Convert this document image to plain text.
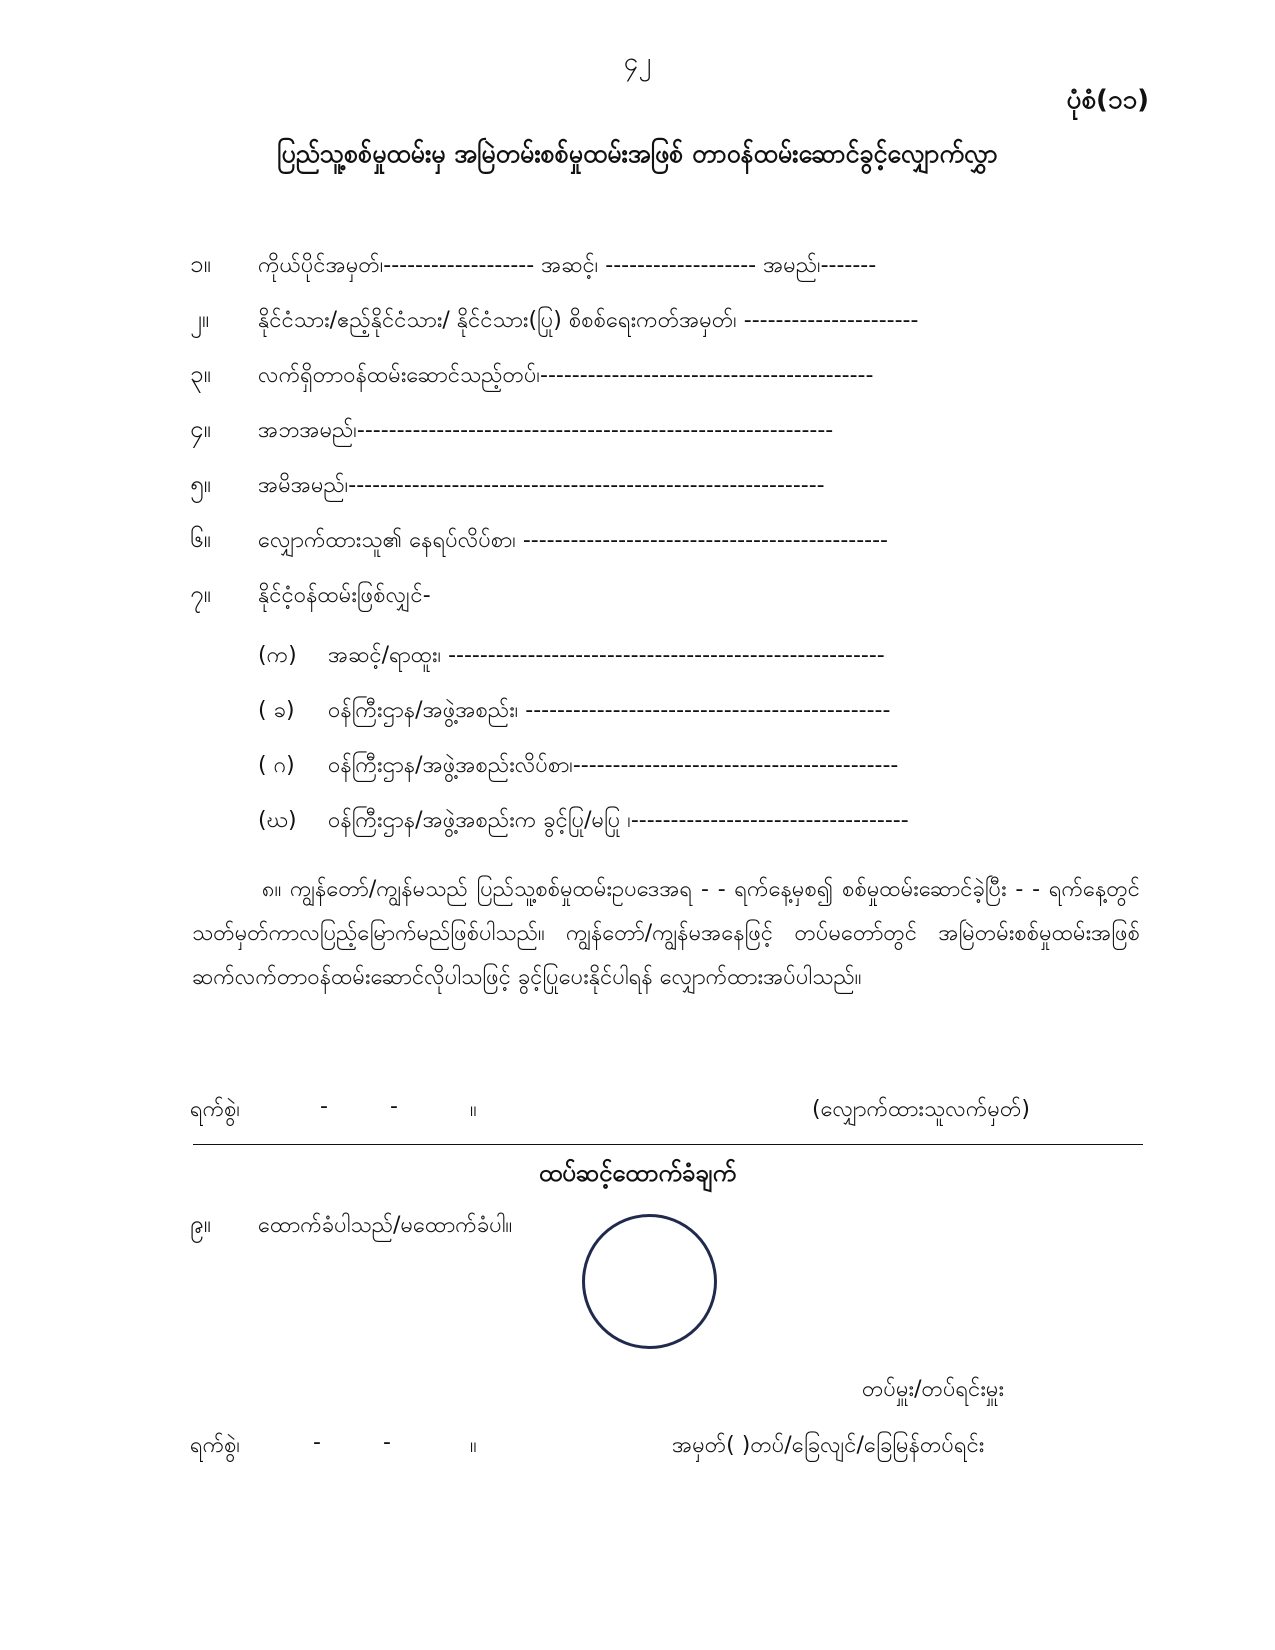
၄၂
ပုံစံ(၁၁)
ပြည်သူ့စစ်မှုထမ်းမှ အမြဲတမ်းစစ်မှုထမ်းအဖြစ် တာဝန်ထမ်းဆောင်ခွင့်လျှောက်လွှာ
၁။ ကိုယ်ပိုင်အမှတ်၊------------------- အဆင့်၊ ------------------- အမည်၊-------
၂။ နိုင်ငံသား/ဧည့်နိုင်ငံသား/ နိုင်ငံသား(ပြု) စိစစ်ရေးကတ်အမှတ်၊ ----------------------
၃။ လက်ရှိတာဝန်ထမ်းဆောင်သည့်တပ်၊------------------------------------------
၄။ အဘအမည်၊------------------------------------------------------------
၅။ အမိအမည်၊------------------------------------------------------------
၆။ လျှောက်ထားသူ၏ နေရပ်လိပ်စာ၊ ----------------------------------------------
၇။ နိုင်ငံ့ဝန်ထမ်းဖြစ်လျှင်-
(က) အဆင့်/ရာထူး၊ -------------------------------------------------------
( ခ) ဝန်ကြီးဌာန/အဖွဲ့အစည်း၊ ----------------------------------------------
( ဂ) ဝန်ကြီးဌာန/အဖွဲ့အစည်းလိပ်စာ၊-----------------------------------------
(ဃ) ဝန်ကြီးဌာန/အဖွဲ့အစည်းက ခွင့်ပြု/မပြု ၊-----------------------------------
၈။ ကျွန်တော်/ကျွန်မသည် ပြည်သူ့စစ်မှုထမ်းဥပဒေအရ - - ရက်နေ့မှစ၍ စစ်မှုထမ်းဆောင်ခဲ့ပြီး - - ရက်နေ့တွင် သတ်မှတ်ကာလပြည့်မြောက်မည်ဖြစ်ပါသည်။ ကျွန်တော်/ကျွန်မအနေဖြင့် တပ်မတော်တွင် အမြဲတမ်းစစ်မှုထမ်းအဖြစ် ဆက်လက်တာဝန်ထမ်းဆောင်လိုပါသဖြင့် ခွင့်ပြုပေးနိုင်ပါရန် လျှောက်ထားအပ်ပါသည်။
ရက်စွဲ၊	-	-	။	(လျှောက်ထားသူလက်မှတ်)
ထပ်ဆင့်ထောက်ခံချက်
၉။ ထောက်ခံပါသည်/မထောက်ခံပါ။
တပ်မှူး/တပ်ရင်းမှူး
ရက်စွဲ၊	-	-	။	အမှတ်( )တပ်/ခြေလျင်/ခြေမြန်တပ်ရင်း
